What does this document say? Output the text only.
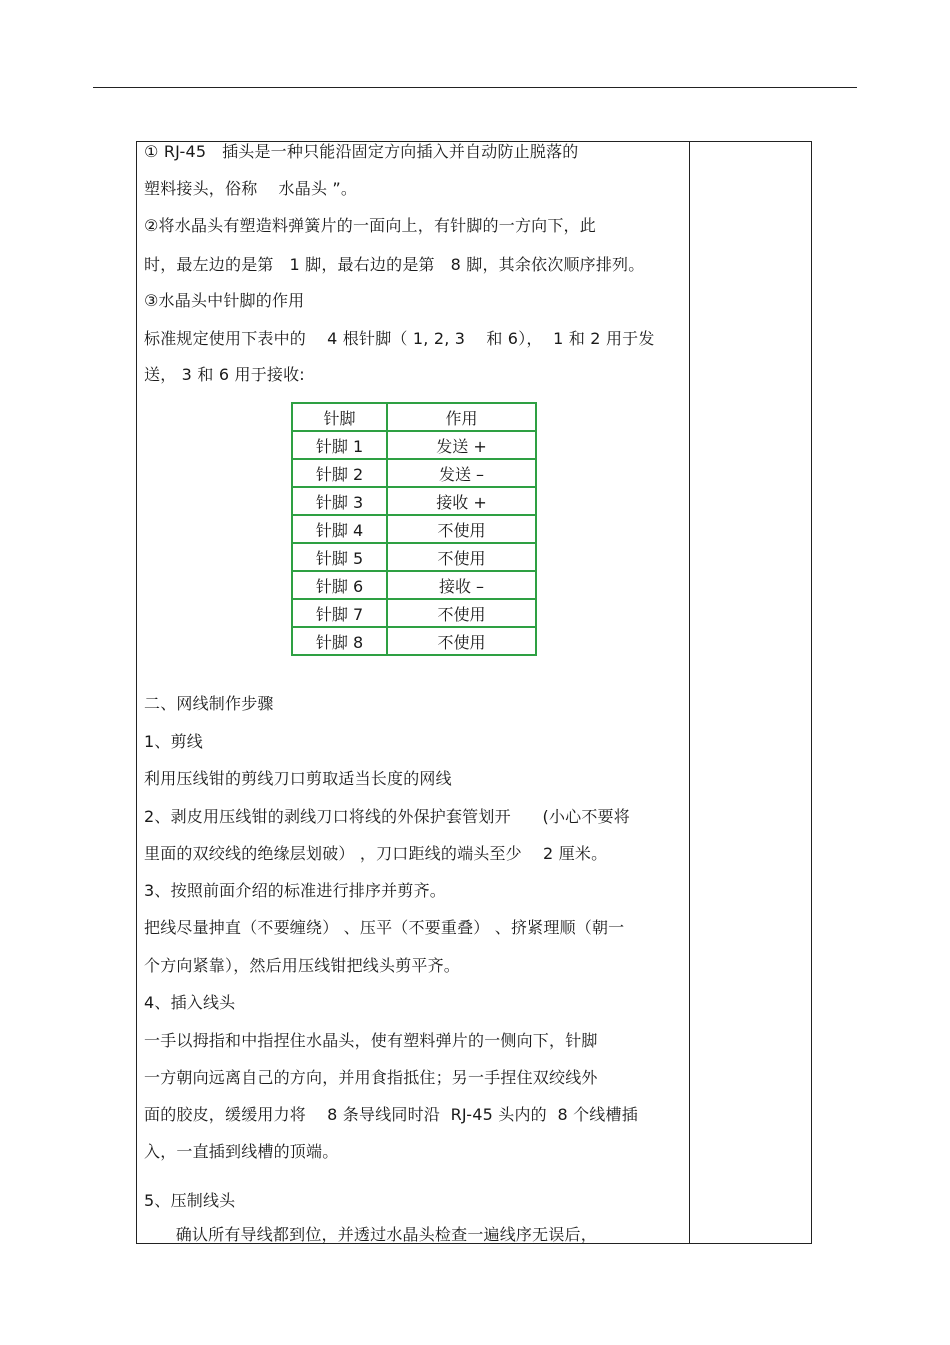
① RJ-45   插头是一种只能沿固定方向插入并自动防止脱落的
塑料接头，俗称    水晶头 ”。
②将水晶头有塑造料弹簧片的一面向上，有针脚的一方向下，此
时，最左边的是第   1 脚，最右边的是第   8 脚，其余依次顺序排列。
③水晶头中针脚的作用
标准规定使用下表中的    4 根针脚（ 1, 2, 3    和 6），  1 和 2 用于发
送， 3 和 6 用于接收:
针脚	作用
针脚 1	发送 +
针脚 2	发送 –
针脚 3	接收 +
针脚 4	不使用
针脚 5	不使用
针脚 6	接收 –
针脚 7	不使用
针脚 8	不使用
二、网线制作步骤
1、剪线
利用压线钳的剪线刀口剪取适当长度的网线
2、剥皮用压线钳的剥线刀口将线的外保护套管划开      (小心不要将
里面的双绞线的绝缘层划破） ，刀口距线的端头至少    2 厘米。
3、按照前面介绍的标准进行排序并剪齐。
把线尽量抻直（不要缠绕） 、压平（不要重叠） 、挤紧理顺（朝一
个方向紧靠），然后用压线钳把线头剪平齐。
4、插入线头
一手以拇指和中指捏住水晶头，使有塑料弹片的一侧向下，针脚
一方朝向远离自己的方向，并用食指抵住；另一手捏住双绞线外
面的胶皮，缓缓用力将    8 条导线同时沿  RJ-45 头内的  8 个线槽插
入，一直插到线槽的顶端。
5、压制线头
确认所有导线都到位，并透过水晶头检查一遍线序无误后，
